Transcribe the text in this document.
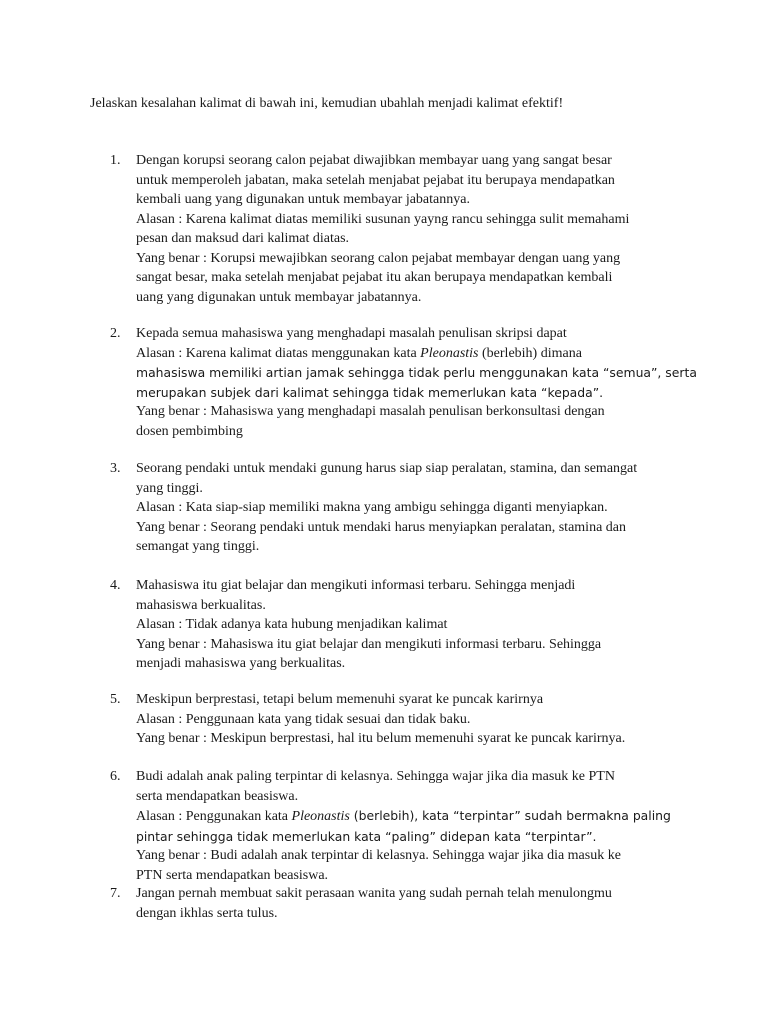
Jelaskan kesalahan kalimat di bawah ini, kemudian ubahlah menjadi kalimat efektif!
1. Dengan korupsi seorang calon pejabat diwajibkan membayar uang yang sangat besar
untuk memperoleh jabatan, maka setelah menjabat pejabat itu berupaya mendapatkan
kembali uang yang digunakan untuk membayar jabatannya.
Alasan : Karena kalimat diatas memiliki susunan yayng rancu sehingga sulit memahami
pesan dan maksud dari kalimat diatas.
Yang benar : Korupsi mewajibkan seorang calon pejabat membayar dengan uang yang
sangat besar, maka setelah menjabat pejabat itu akan berupaya mendapatkan kembali
uang yang digunakan untuk membayar jabatannya.
2. Kepada semua mahasiswa yang menghadapi masalah penulisan skripsi dapat
Alasan : Karena kalimat diatas menggunakan kata Pleonastis (berlebih) dimana
mahasiswa memiliki artian jamak sehingga tidak perlu menggunakan kata “semua”, serta
merupakan subjek dari kalimat sehingga tidak memerlukan kata “kepada”.
Yang benar : Mahasiswa yang menghadapi masalah penulisan berkonsultasi dengan
dosen pembimbing
3. Seorang pendaki untuk mendaki gunung harus siap siap peralatan, stamina, dan semangat
yang tinggi.
Alasan : Kata siap-siap memiliki makna yang ambigu sehingga diganti menyiapkan.
Yang benar : Seorang pendaki untuk mendaki harus menyiapkan peralatan, stamina dan
semangat yang tinggi.
4. Mahasiswa itu giat belajar dan mengikuti informasi terbaru. Sehingga menjadi
mahasiswa berkualitas.
Alasan : Tidak adanya kata hubung menjadikan kalimat
Yang benar : Mahasiswa itu giat belajar dan mengikuti informasi terbaru. Sehingga
menjadi mahasiswa yang berkualitas.
5. Meskipun berprestasi, tetapi belum memenuhi syarat ke puncak karirnya
Alasan : Penggunaan kata yang tidak sesuai dan tidak baku.
Yang benar : Meskipun berprestasi, hal itu belum memenuhi syarat ke puncak karirnya.
6. Budi adalah anak paling terpintar di kelasnya. Sehingga wajar jika dia masuk ke PTN
serta mendapatkan beasiswa.
Alasan : Penggunakan kata Pleonastis (berlebih), kata “terpintar” sudah bermakna paling
pintar sehingga tidak memerlukan kata “paling” didepan kata “terpintar”.
Yang benar : Budi adalah anak terpintar di kelasnya. Sehingga wajar jika dia masuk ke
PTN serta mendapatkan beasiswa.
7. Jangan pernah membuat sakit perasaan wanita yang sudah pernah telah menulongmu
dengan ikhlas serta tulus.
